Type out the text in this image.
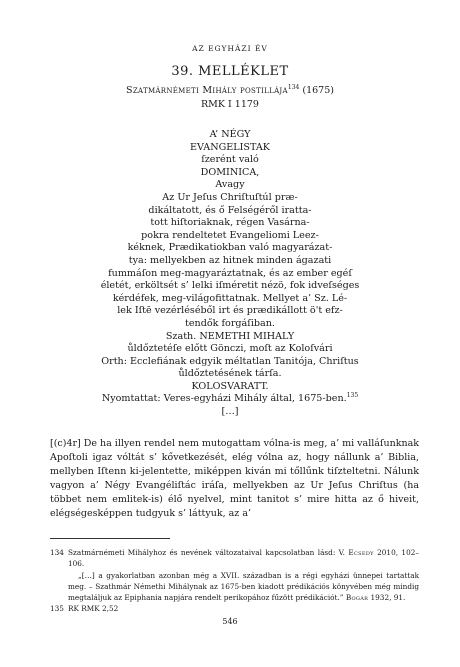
AZ EGYHÁZI ÉV
39. MELLÉKLET
Szatmárnémeti Mihály postillája$^{134}$ (1675)
RMK I 1179
A’ NÉGY
EVANGELISTAK
ſzerént való
DOMINICA,
Avagy
Az Ur Jeſus Chriſtuſtúl præ-
dikáltatott, és ő Felségéről iratta-
tott hiſtoriaknak, régen Vasárna-
pokra rendeltetet Evangeliomi Leez-
kéknek, Prædikatiokban való magyarázat-
tya: mellyekben az hitnek minden ágazati
fummáſon meg-magyaráztatnak, és az ember egéſ
életét, erköltsét s’ lelki iſméretit nézö, fok idveſséges
kérdéfek, meg-világofittatnak. Mellyet a’ Sz. Lé-
lek Iſtē vezérléséből irt és prædikállott ö't efz-
tendők forgáſiban.
Szath. NEMETHI MIHALY
ůldőztetéſe előtt Gönczi, moſt az Koloſvári
Orth: Ecclefiának edgyik méltatlan Tanitója, Chriſtus
ůldőztetésének tárſa.
KOLOSVARATT.
Nyomtattat: Veres-egyházi Mihály által, 1675-ben.$^{135}$
[…]
[(c)4r] De ha illyen rendel nem mutogattam vólna-is meg, a’ mi valláſunknak Apoſtoli igaz vóltát s’ kővetkezését, elég vólna az, hogy nállunk a’ Biblia, mellyben Iſtenn ki-jelentette, miképpen kiván mi tőllűnk tiſzteltetni. Nálunk vagyon a’ Négy Evangéliſtác iráſa, mellyekben az Ur Jeſus Chriſtus (ha többet nem emlitek-is) élő nyelvel, mint tanitot s’ mire hitta az ő hiveit, elégségesképpen tudgyuk s’ láttyuk, az a’
134 Szatmárnémeti Mihályhoz és nevének változataival kapcsolatban lásd: V. Ecsedy 2010, 102–106.
„[…] a gyakorlatban azonban még a XVII. században is a régi egyházi ünnepei tartattak meg. – Szathmár Némethi Mihálynak az 1675-ben kiadott prédikációs könyvében még mindig megtaláljuk az Epiphania napjára rendelt perikopához fűzött prédikációt.” Bogár 1932, 91.
135 RK RMK 2,52
546
